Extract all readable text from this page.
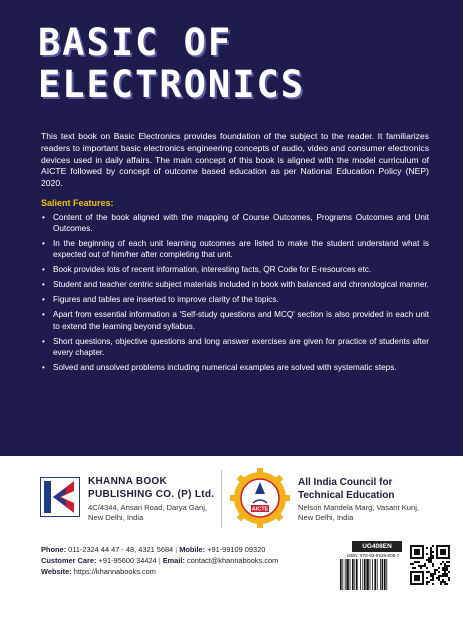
BASIC OF
ELECTRONICS

This text book on Basic Electronics provides foundation of the subject to the reader. It familiarizes readers to important basic electronics engineering concepts of audio, video and consumer electronics devices used in daily affairs. The main concept of this book is aligned with the model curriculum of AICTE followed by concept of outcome based education as per National Education Policy (NEP) 2020.

Salient Features:

• Content of the book aligned with the mapping of Course Outcomes, Programs Outcomes and Unit Outcomes.
• In the beginning of each unit learning outcomes are listed to make the student understand what is expected out of him/her after completing that unit.
• Book provides lots of recent information, interesting facts, QR Code for E-resources etc.
• Student and teacher centric subject materials included in book with balanced and chronological manner.
• Figures and tables are inserted to improve clarity of the topics.
• Apart from essential information a 'Self-study questions and MCQ' section is also provided in each unit to extend the learning beyond syllabus.
• Short questions, objective questions and long answer exercises are given for practice of students after every chapter.
• Solved and unsolved problems including numerical examples are solved with systematic steps.

KHANNA BOOK
PUBLISHING CO. (P) Ltd.

4C/4344, Ansari Road, Darya Ganj,
New Delhi, India

AICTE

All India Council for
Technical Education

Nelson Mandela Marg, Vasant Kunj,
New Delhi, India

Phone: 011-2324 44 47 - 48, 4321 5684 | Mobile: +91-99109 09320
Customer Care: +91-95600 34424 | Email: contact@khannabooks.com
Website: https://khannabooks.com
UG408EN
ISBN: 978-93-5538-808-7
